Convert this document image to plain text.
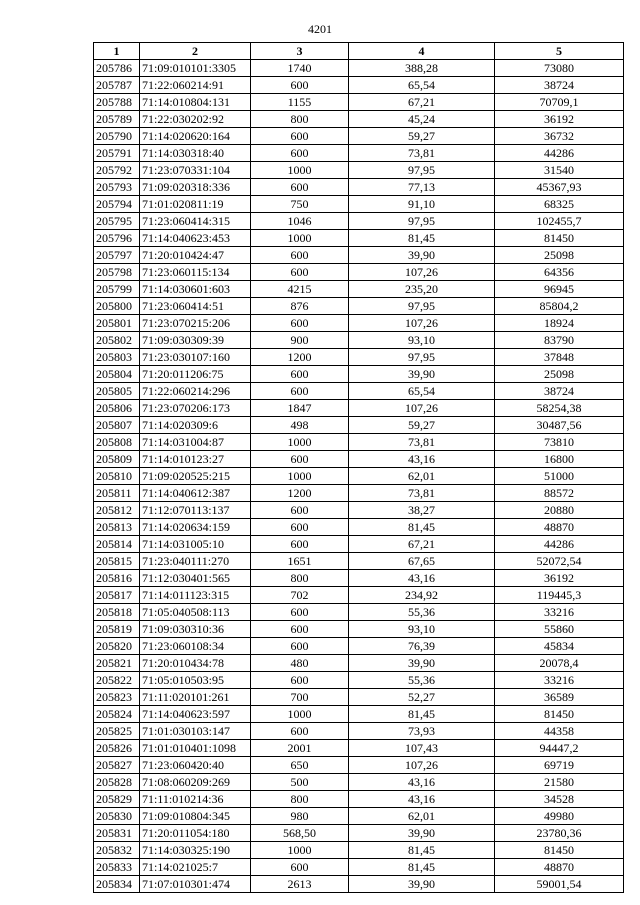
4201
1	2	3	4	5
205786	71:09:010101:3305	1740	388,28	73080
205787	71:22:060214:91	600	65,54	38724
205788	71:14:010804:131	1155	67,21	70709,1
205789	71:22:030202:92	800	45,24	36192
205790	71:14:020620:164	600	59,27	36732
205791	71:14:030318:40	600	73,81	44286
205792	71:23:070331:104	1000	97,95	31540
205793	71:09:020318:336	600	77,13	45367,93
205794	71:01:020811:19	750	91,10	68325
205795	71:23:060414:315	1046	97,95	102455,7
205796	71:14:040623:453	1000	81,45	81450
205797	71:20:010424:47	600	39,90	25098
205798	71:23:060115:134	600	107,26	64356
205799	71:14:030601:603	4215	235,20	96945
205800	71:23:060414:51	876	97,95	85804,2
205801	71:23:070215:206	600	107,26	18924
205802	71:09:030309:39	900	93,10	83790
205803	71:23:030107:160	1200	97,95	37848
205804	71:20:011206:75	600	39,90	25098
205805	71:22:060214:296	600	65,54	38724
205806	71:23:070206:173	1847	107,26	58254,38
205807	71:14:020309:6	498	59,27	30487,56
205808	71:14:031004:87	1000	73,81	73810
205809	71:14:010123:27	600	43,16	16800
205810	71:09:020525:215	1000	62,01	51000
205811	71:14:040612:387	1200	73,81	88572
205812	71:12:070113:137	600	38,27	20880
205813	71:14:020634:159	600	81,45	48870
205814	71:14:031005:10	600	67,21	44286
205815	71:23:040111:270	1651	67,65	52072,54
205816	71:12:030401:565	800	43,16	36192
205817	71:14:011123:315	702	234,92	119445,3
205818	71:05:040508:113	600	55,36	33216
205819	71:09:030310:36	600	93,10	55860
205820	71:23:060108:34	600	76,39	45834
205821	71:20:010434:78	480	39,90	20078,4
205822	71:05:010503:95	600	55,36	33216
205823	71:11:020101:261	700	52,27	36589
205824	71:14:040623:597	1000	81,45	81450
205825	71:01:030103:147	600	73,93	44358
205826	71:01:010401:1098	2001	107,43	94447,2
205827	71:23:060420:40	650	107,26	69719
205828	71:08:060209:269	500	43,16	21580
205829	71:11:010214:36	800	43,16	34528
205830	71:09:010804:345	980	62,01	49980
205831	71:20:011054:180	568,50	39,90	23780,36
205832	71:14:030325:190	1000	81,45	81450
205833	71:14:021025:7	600	81,45	48870
205834	71:07:010301:474	2613	39,90	59001,54
